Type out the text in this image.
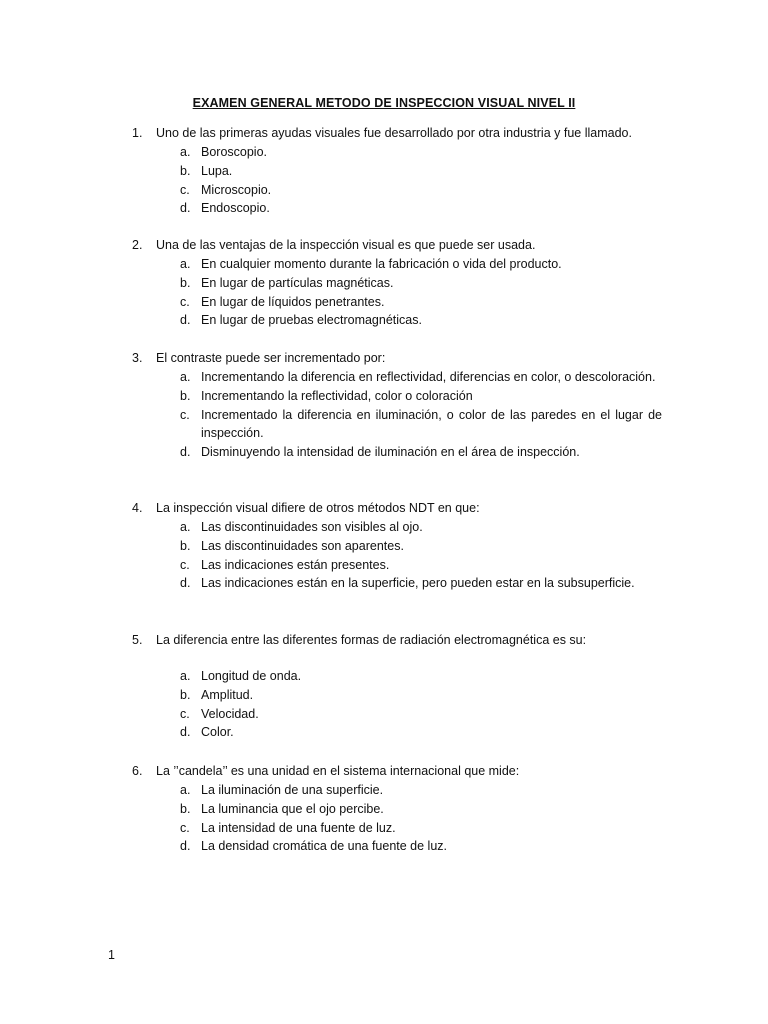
EXAMEN GENERAL METODO DE INSPECCION VISUAL NIVEL II
1.	Uno de las primeras ayudas visuales fue desarrollado por otra industria y fue llamado.
a. Boroscopio.
b. Lupa.
c. Microscopio.
d. Endoscopio.
2.	Una de las ventajas de la inspección visual es que puede ser usada.
a. En cualquier momento durante la fabricación o vida del producto.
b. En lugar de partículas magnéticas.
c. En lugar de líquidos penetrantes.
d. En lugar de pruebas electromagnéticas.
3.	El contraste puede ser incrementado por:
a. Incrementando la diferencia en reflectividad, diferencias en color, o descoloración.
b. Incrementando la reflectividad, color o coloración
c. Incrementado la diferencia en iluminación, o color de las paredes en el lugar de inspección.
d. Disminuyendo la intensidad de iluminación en el área de inspección.
4.	La inspección visual difiere de otros métodos NDT en que:
a. Las discontinuidades son visibles al ojo.
b. Las discontinuidades son aparentes.
c. Las indicaciones están presentes.
d. Las indicaciones están en la superficie, pero pueden estar en la subsuperficie.
5.	La diferencia entre las diferentes formas de radiación electromagnética es su:
a. Longitud de onda.
b. Amplitud.
c. Velocidad.
d. Color.
6.	La ’’candela’’ es una unidad en el sistema internacional que mide:
a. La iluminación de una superficie.
b. La luminancia que el ojo percibe.
c. La intensidad de una fuente de luz.
d. La densidad cromática de una fuente de luz.
1
